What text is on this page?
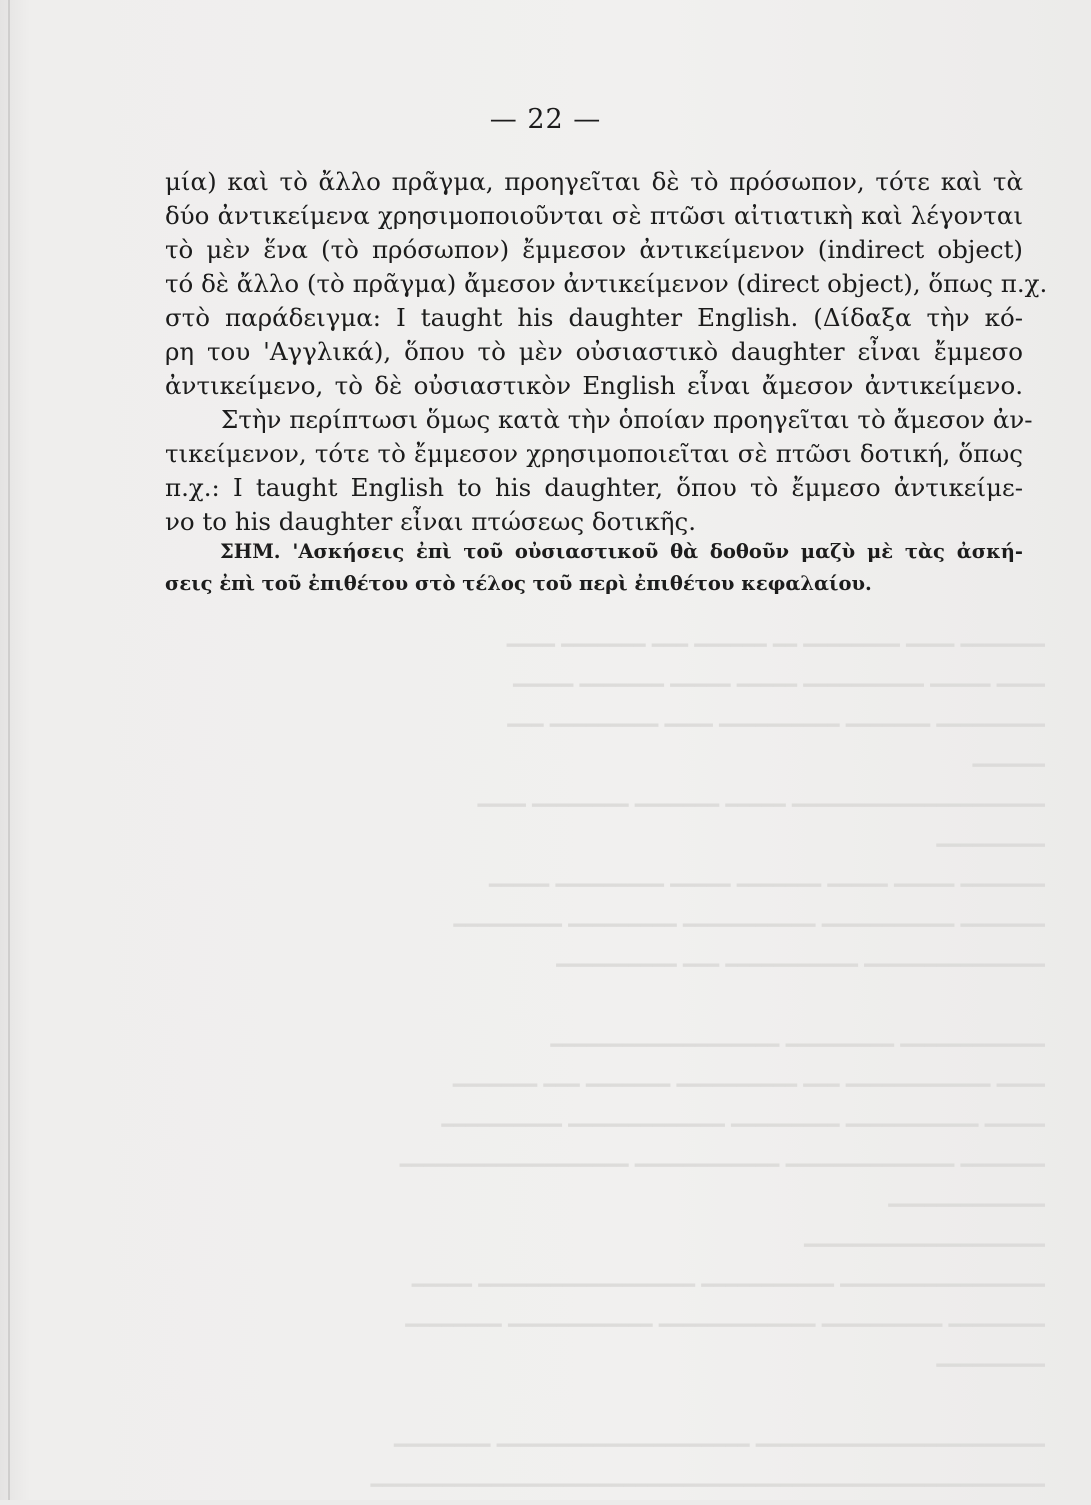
— 22 —
μία) καὶ τὸ ἄλλο πρᾶγμα, προηγεῖται δὲ τὸ πρόσωπον, τότε καὶ τὰ
δύο ἀντικείμενα χρησιμοποιοῦνται σὲ πτῶσι αἰτιατικὴ καὶ λέγονται
τὸ μὲν ἕνα (τὸ πρόσωπον) ἔμμεσον ἀντικείμενον (indirect object)
τό δὲ ἄλλο (τὸ πρᾶγμα) ἄμεσον ἀντικείμενον (direct object), ὅπως π.χ.
στὸ παράδειγμα: I taught his daughter English. (Δίδαξα τὴν κό-
ρη του 'Αγγλικά), ὅπου τὸ μὲν οὐσιαστικὸ daughter εἶναι ἔμμεσο
ἀντικείμενο, τὸ δὲ οὐσιαστικὸν English εἶναι ἄμεσον ἀντικείμενο.
Στὴν περίπτωσι ὅμως κατὰ τὴν ὁποίαν προηγεῖται τὸ ἄμεσον ἀν-
τικείμενον, τότε τὸ ἔμμεσον χρησιμοποιεῖται σὲ πτῶσι δοτική, ὅπως
π.χ.: I taught English to his daughter, ὅπου τὸ ἔμμεσο ἀντικείμε-
νο to his daughter εἶναι πτώσεως δοτικῆς.
ΣΗΜ. 'Ασκήσεις ἐπὶ τοῦ οὐσιαστικοῦ θὰ δοθοῦν μαζὺ μὲ τὰς ἀσκή-
σεις ἐπὶ τοῦ ἐπιθέτου στὸ τέλος τοῦ περὶ ἐπιθέτου κεφαλαίου.
━━━━━━━ ━━━━ ━━━━━━━━ ━━ ━━━━━━ ━━━ ━━━━━━━ ━━━━
━━━━ ━━━━━ ━━━━━━━━━━ ━━━━━ ━━━━━ ━━━━━━━ ━━━━━
━━━━━━━━━ ━━━━━━━ ━━━━━━━━━━ ━━━━ ━━━━━━━━━ ━━━
━━━━━━
━━━━━━━━━━━━━━━━━━━━━ ━━━━━ ━━━━━━━ ━━━━━━━━ ━━━━
━━━━━━━━━
━━━━━━━ ━━━━━ ━━━━━ ━━━━━━━ ━━━━━ ━━━━━━━━━ ━━━━━
━━━━━━━ ━━━━━━━━━━━ ━━━━━━━━━━━ ━━━━━━━━━ ━━━━━━━━━
━━━━━━━━━━━━━━━ ━━━━━━━━━━━ ━━━ ━━━━━━━━━━
━━━━━━━━━━━━ ━━━━━━━━━ ━━━━━━━━━━━━━━━━━━━
━━━━ ━━━━━━━━━━━━ ━━━ ━━━━━━━━━━ ━━━━━━━ ━━━ ━━━━━━━
━━━━━ ━━━━━━━━━━━ ━━━━━━━━━ ━━━━━━━━━━━━━ ━━━━━━━━━━
━━━━━━━ ━━━━━━━━━━━━━━ ━━━━━━━━━━━━ ━━━━━━━━━━━━━━━━━━━
━━━━━━━━━━━━━
━━━━━━━━━━━━━━━━━━━━
━━━━━━━━━━━━━━━━━ ━━━━━━━━━━━ ━━━━━━━━━━━━━━━━━━ ━━━━━
━━━━━━━━ ━━━━━━━━━━ ━━━━━━━━━━━━━ ━━━━━━━━━━━━ ━━━━━━━━
━━━━━━━━━
━━━━━━━━━━━━━━━━━━━━━━━━ ━━━━━━━━━━━━━━━━━━━━━ ━━━━━━━━
━━━━━━━━━━━━━━━━━━━━━━━━━━━━━━━━━━━━━━━━━━━━━━━━━━━━━━━━
